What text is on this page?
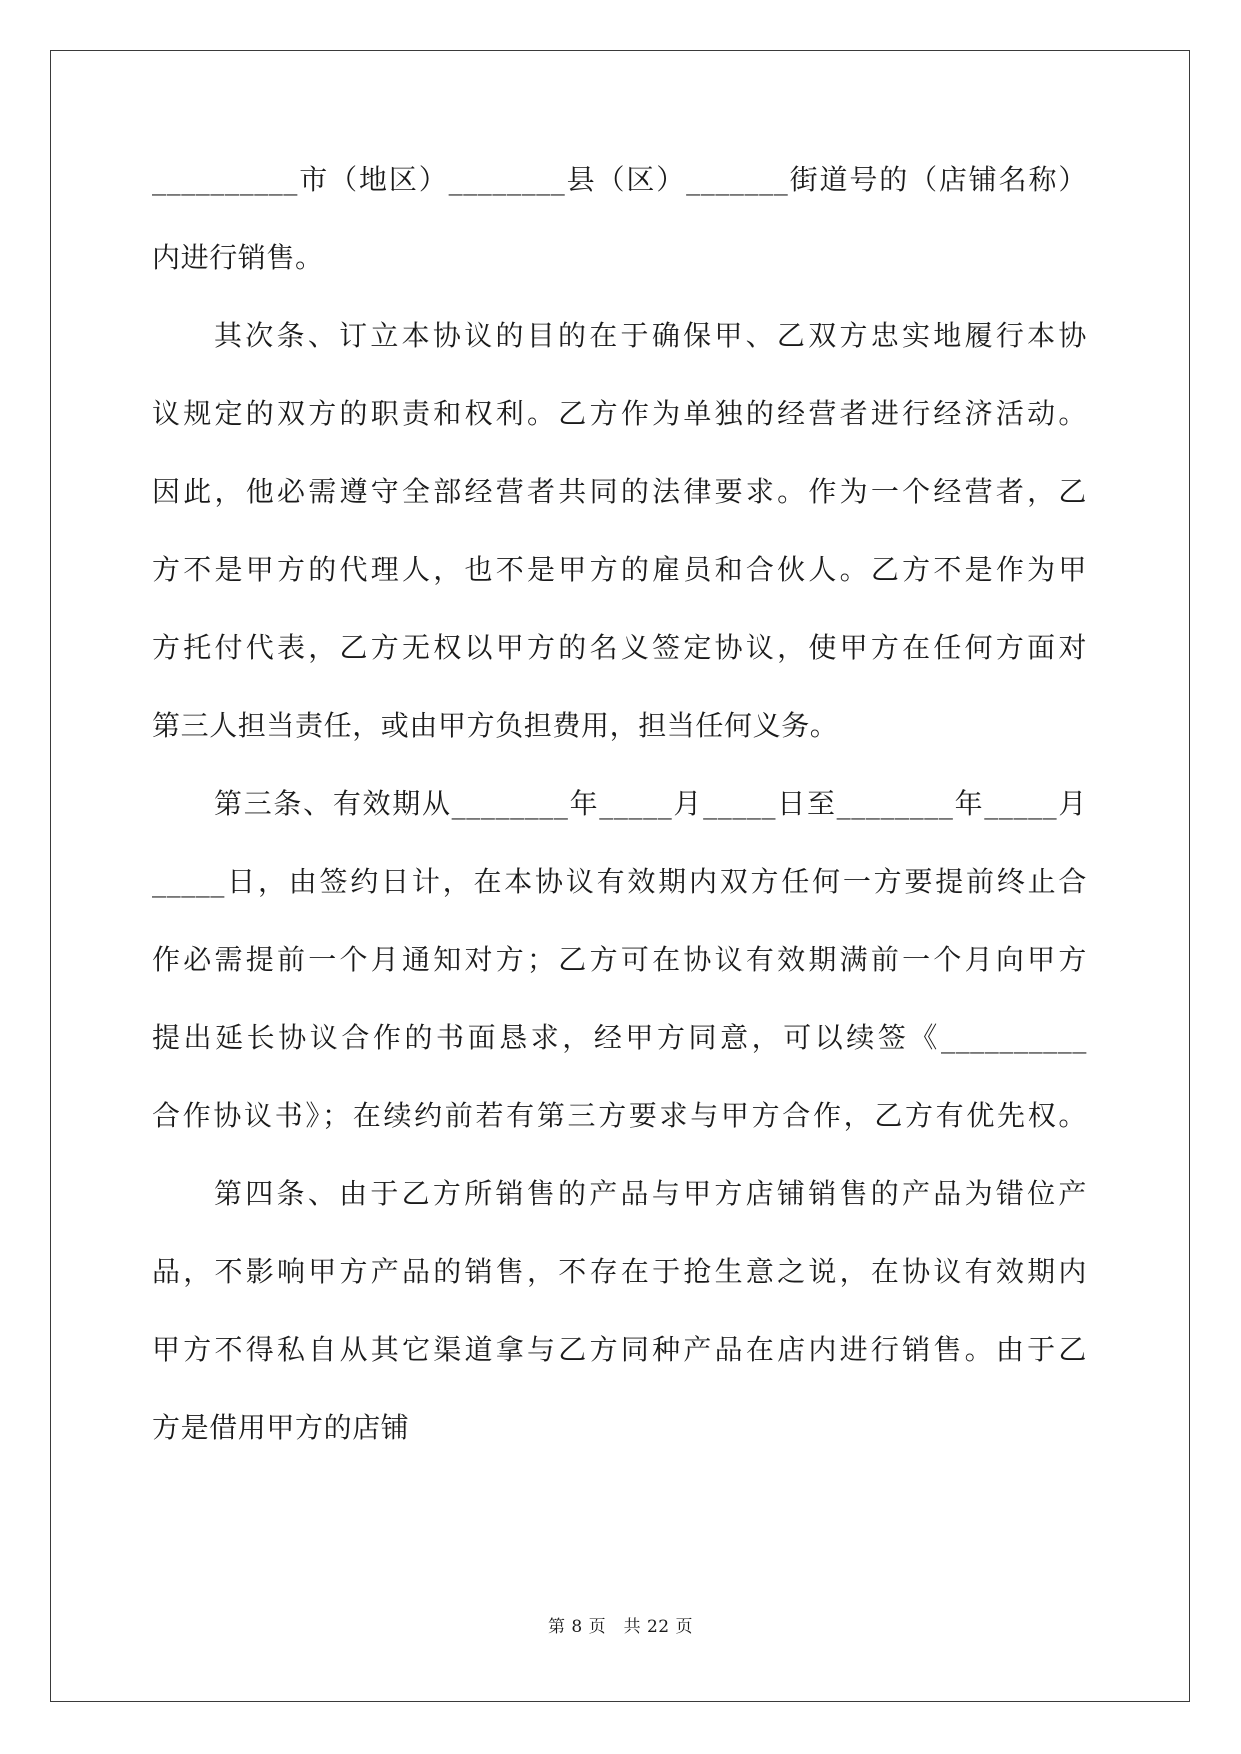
__________市（地区）________县（区）_______街道号的（店铺名称）
内进行销售。
其次条、订立本协议的目的在于确保甲、乙双方忠实地履行本协
议规定的双方的职责和权利。乙方作为单独的经营者进行经济活动。
因此，他必需遵守全部经营者共同的法律要求。作为一个经营者，乙
方不是甲方的代理人，也不是甲方的雇员和合伙人。乙方不是作为甲
方托付代表，乙方无权以甲方的名义签定协议，使甲方在任何方面对
第三人担当责任，或由甲方负担费用，担当任何义务。
第三条、有效期从________年_____月_____日至________年_____月
_____日，由签约日计，在本协议有效期内双方任何一方要提前终止合
作必需提前一个月通知对方；乙方可在协议有效期满前一个月向甲方
提出延长协议合作的书面恳求，经甲方同意，可以续签《__________
合作协议书》；在续约前若有第三方要求与甲方合作，乙方有优先权。
第四条、由于乙方所销售的产品与甲方店铺销售的产品为错位产
品，不影响甲方产品的销售，不存在于抢生意之说，在协议有效期内
甲方不得私自从其它渠道拿与乙方同种产品在店内进行销售。由于乙
方是借用甲方的店铺
第 8 页　共 22 页
